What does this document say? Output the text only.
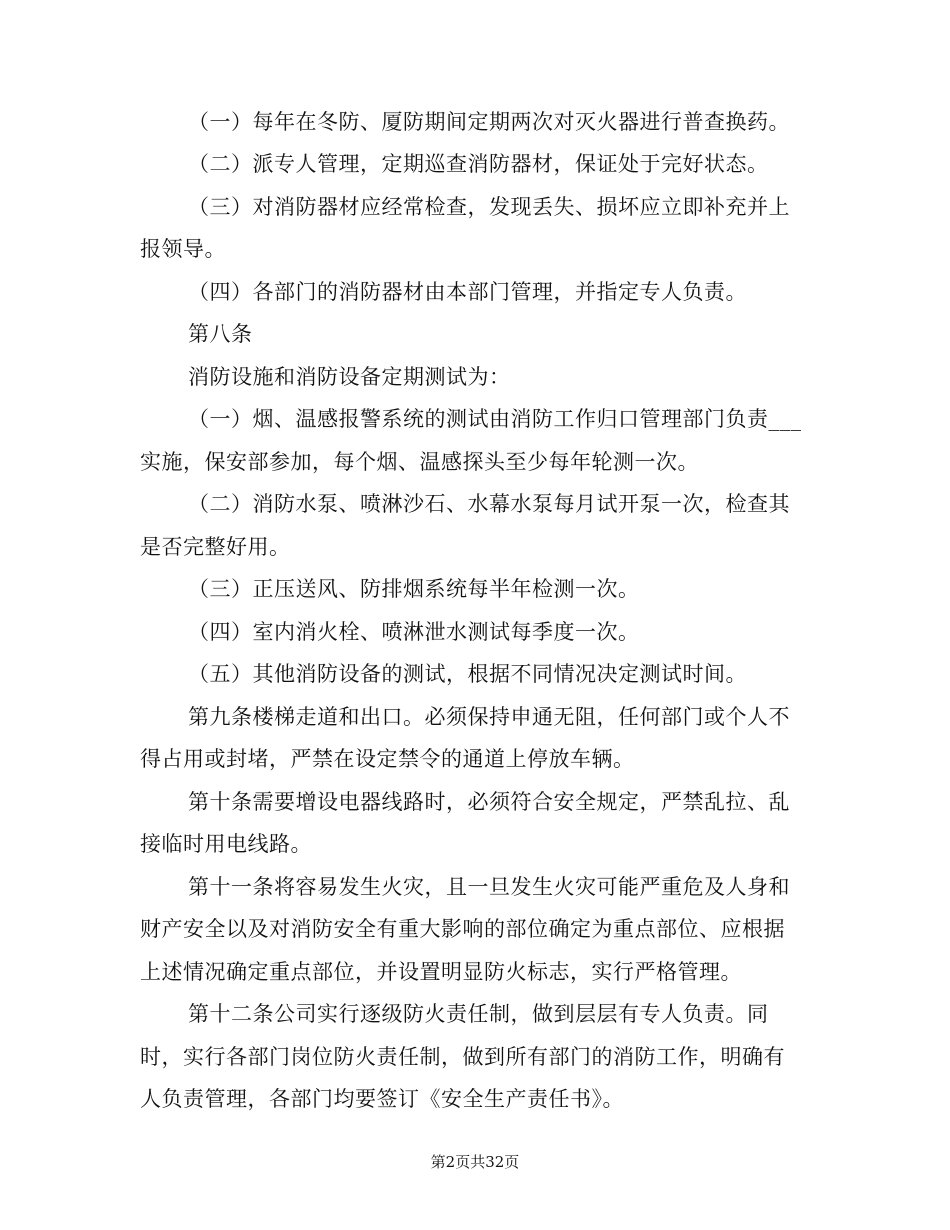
（一）每年在冬防、厦防期间定期两次对灭火器进行普查换药。
（二）派专人管理，定期巡查消防器材，保证处于完好状态。
（三）对消防器材应经常检查，发现丢失、损坏应立即补充并上
报领导。
（四）各部门的消防器材由本部门管理，并指定专人负责。
第八条
消防设施和消防设备定期测试为：
（一）烟、温感报警系统的测试由消防工作归口管理部门负责___
实施，保安部参加，每个烟、温感探头至少每年轮测一次。
（二）消防水泵、喷淋沙石、水幕水泵每月试开泵一次，检查其
是否完整好用。
（三）正压送风、防排烟系统每半年检测一次。
（四）室内消火栓、喷淋泄水测试每季度一次。
（五）其他消防设备的测试，根据不同情况决定测试时间。
第九条楼梯走道和出口。必须保持申通无阻，任何部门或个人不
得占用或封堵，严禁在设定禁令的通道上停放车辆。
第十条需要增设电器线路时，必须符合安全规定，严禁乱拉、乱
接临时用电线路。
第十一条将容易发生火灾，且一旦发生火灾可能严重危及人身和
财产安全以及对消防安全有重大影响的部位确定为重点部位、应根据
上述情况确定重点部位，并设置明显防火标志，实行严格管理。
第十二条公司实行逐级防火责任制，做到层层有专人负责。同
时，实行各部门岗位防火责任制，做到所有部门的消防工作，明确有
人负责管理，各部门均要签订《安全生产责任书》。
第2页共32页
